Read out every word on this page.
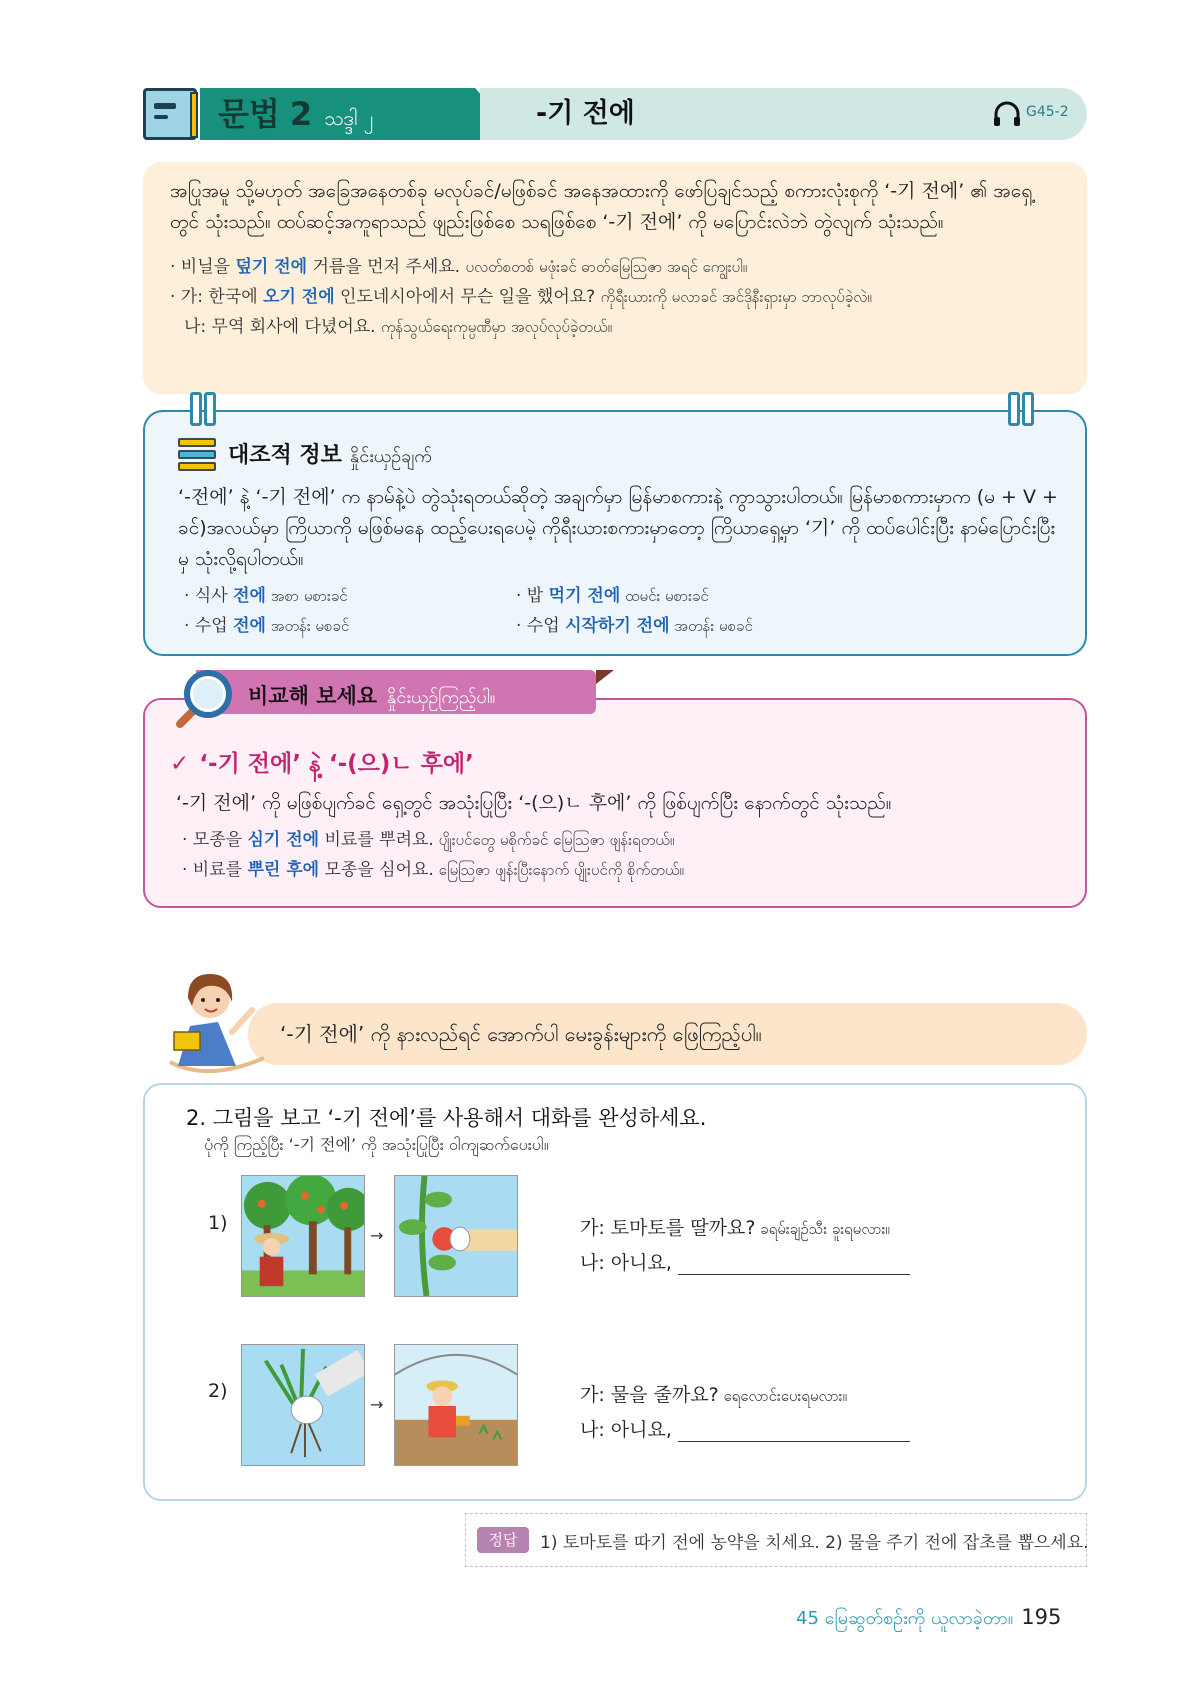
문법 2 သဒ္ဒါ ၂	-기 전에	G45-2
အပြုအမူ သို့မဟုတ် အခြေအနေတစ်ခု မလုပ်ခင်/မဖြစ်ခင် အနေအထားကို ဖော်ပြချင်သည့် စကားလုံးစုကို ‘-기 전에’ ၏ အရှေ့တွင် သုံးသည်။ ထပ်ဆင့်အကူရာသည် ဖျည်းဖြစ်စေ သရဖြစ်စေ ‘-기 전에’ ကို မပြောင်းလဲဘဲ တွဲလျက် သုံးသည်။
· 비닐을 덮기 전에 거름을 먼저 주세요. ပလတ်စတစ် မဖုံးခင် ဓာတ်မြေဩဇာ အရင် ကျွေးပါ။
· 가: 한국에 오기 전에 인도네시아에서 무슨 일을 했어요? ကိုရီးယားကို မလာခင် အင်ဒိုနီးရှားမှာ ဘာလုပ်ခဲ့လဲ။
나: 무역 회사에 다녔어요. ကုန်သွယ်ရေးကုမ္ပဏီမှာ အလုပ်လုပ်ခဲ့တယ်။
대조적 정보 နှိုင်းယှဉ်ချက်
‘-전에’ နဲ့ ‘-기 전에’ က နာမ်နဲ့ပဲ တွဲသုံးရတယ်ဆိုတဲ့ အချက်မှာ မြန်မာစကားနဲ့ ကွာသွားပါတယ်။ မြန်မာစကားမှာက (မ + V + ခင်)အလယ်မှာ ကြိယာကို မဖြစ်မနေ ထည့်ပေးရပေမဲ့ ကိုရီးယားစကားမှာတော့ ကြိယာရှေ့မှာ ‘기’ ကို ထပ်ပေါင်းပြီး နာမ်ပြောင်းပြီးမှ သုံးလို့ရပါတယ်။
· 식사 전에 အစာ မစားခင်	· 밥 먹기 전에 ထမင်း မစားခင်
· 수업 전에 အတန်း မစခင်	· 수업 시작하기 전에 အတန်း မစခင်
비교해 보세요 နှိုင်းယှဉ်ကြည့်ပါ။
✓ ‘-기 전에’ နဲ့ ‘-(으)ㄴ 후에’
‘-기 전에’ ကို မဖြစ်ပျက်ခင် ရှေ့တွင် အသုံးပြုပြီး ‘-(으)ㄴ 후에’ ကို ဖြစ်ပျက်ပြီး နောက်တွင် သုံးသည်။
· 모종을 심기 전에 비료를 뿌려요. ပျိုးပင်တွေ မစိုက်ခင် မြေဩဇာ ဖျန်းရတယ်။
· 비료를 뿌린 후에 모종을 심어요. မြေဩဇာ ဖျန်းပြီးနောက် ပျိုးပင်ကို စိုက်တယ်။
‘-기 전에’ ကို နားလည်ရင် အောက်ပါ မေးခွန်းများကို ဖြေကြည့်ပါ။
2. 그림을 보고 ‘-기 전에’를 사용해서 대화를 완성하세요.
ပုံကို ကြည့်ပြီး ‘-기 전에’ ကို အသုံးပြုပြီး ဝါကျဆက်ပေးပါ။
1)
→	가: 토마토를 딸까요? ခရမ်းချဉ်သီး ခူးရမလား။
나: 아니요,
2)
→	가: 물을 줄까요? ရေလောင်းပေးရမလား။
나: 아니요,
정답	1) 토마토를 따기 전에 농약을 치세요. 2) 물을 주기 전에 잡초를 뽑으세요.
45 မြေဆွတ်စဉ်းကို ယူလာခဲ့တာ။ 195
